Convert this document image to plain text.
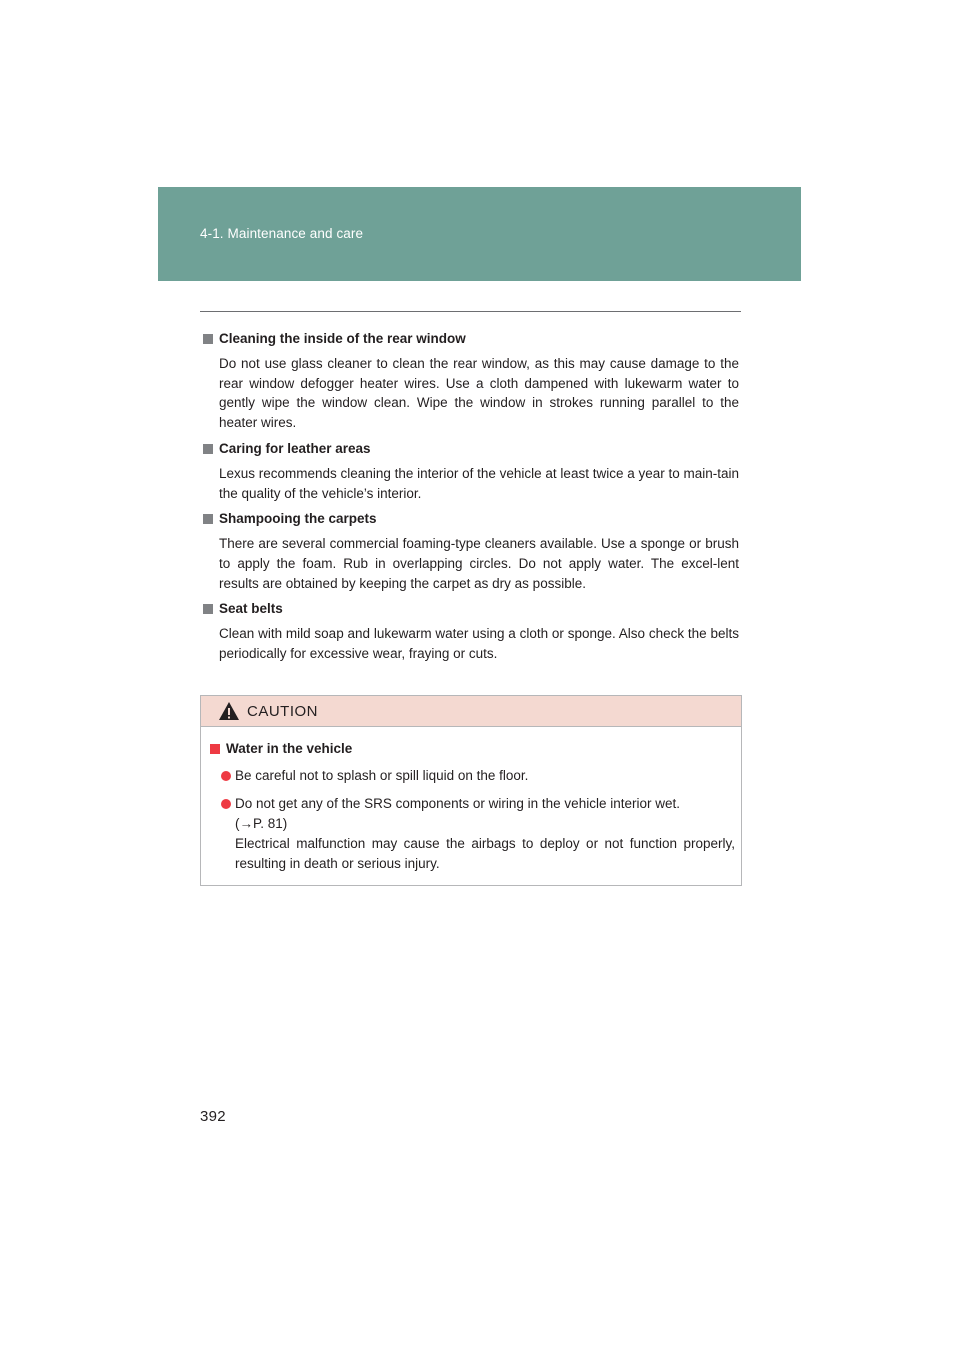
4-1. Maintenance and care
Cleaning the inside of the rear window
Do not use glass cleaner to clean the rear window, as this may cause damage to the rear window defogger heater wires. Use a cloth dampened with lukewarm water to gently wipe the window clean. Wipe the window in strokes running parallel to the heater wires.
Caring for leather areas
Lexus recommends cleaning the interior of the vehicle at least twice a year to main-tain the quality of the vehicle’s interior.
Shampooing the carpets
There are several commercial foaming-type cleaners available. Use a sponge or brush to apply the foam. Rub in overlapping circles. Do not apply water. The excel-lent results are obtained by keeping the carpet as dry as possible.
Seat belts
Clean with mild soap and lukewarm water using a cloth or sponge. Also check the belts periodically for excessive wear, fraying or cuts.
CAUTION
Water in the vehicle
Be careful not to splash or spill liquid on the floor.
Do not get any of the SRS components or wiring in the vehicle interior wet.
(→P. 81)
Electrical malfunction may cause the airbags to deploy or not function properly, resulting in death or serious injury.
392
